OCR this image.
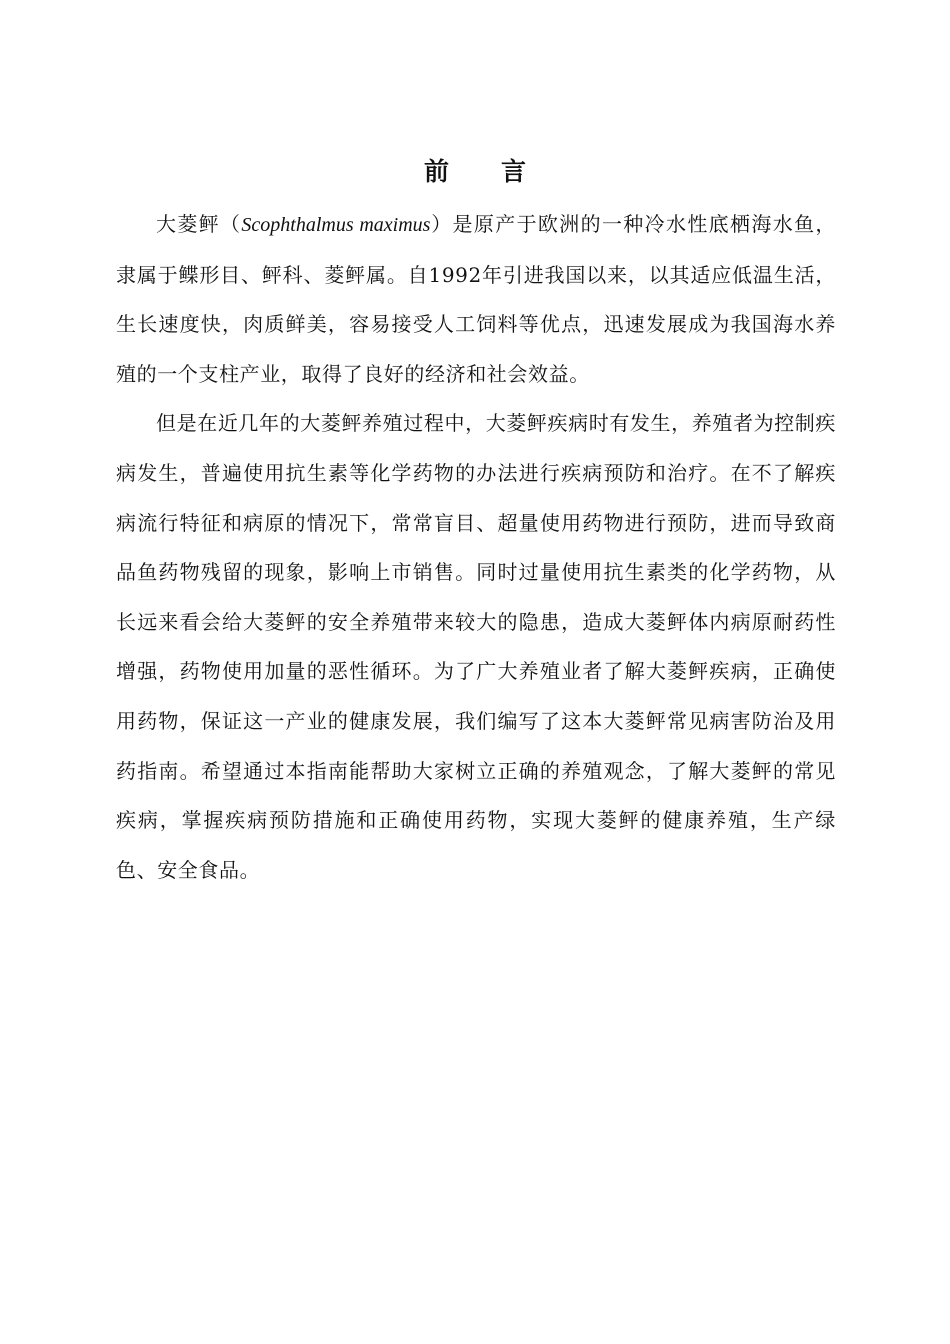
前 言

大菱鲆（Scophthalmus maximus）是原产于欧洲的一种冷水性底栖海水鱼，隶属于鲽形目、鲆科、菱鲆属。自1992年引进我国以来，以其适应低温生活，生长速度快，肉质鲜美，容易接受人工饲料等优点，迅速发展成为我国海水养殖的一个支柱产业，取得了良好的经济和社会效益。

但是在近几年的大菱鲆养殖过程中，大菱鲆疾病时有发生，养殖者为控制疾病发生，普遍使用抗生素等化学药物的办法进行疾病预防和治疗。在不了解疾病流行特征和病原的情况下，常常盲目、超量使用药物进行预防，进而导致商品鱼药物残留的现象，影响上市销售。同时过量使用抗生素类的化学药物，从长远来看会给大菱鲆的安全养殖带来较大的隐患，造成大菱鲆体内病原耐药性增强，药物使用加量的恶性循环。为了广大养殖业者了解大菱鲆疾病，正确使用药物，保证这一产业的健康发展，我们编写了这本大菱鲆常见病害防治及用药指南。希望通过本指南能帮助大家树立正确的养殖观念，了解大菱鲆的常见疾病，掌握疾病预防措施和正确使用药物，实现大菱鲆的健康养殖，生产绿色、安全食品。
